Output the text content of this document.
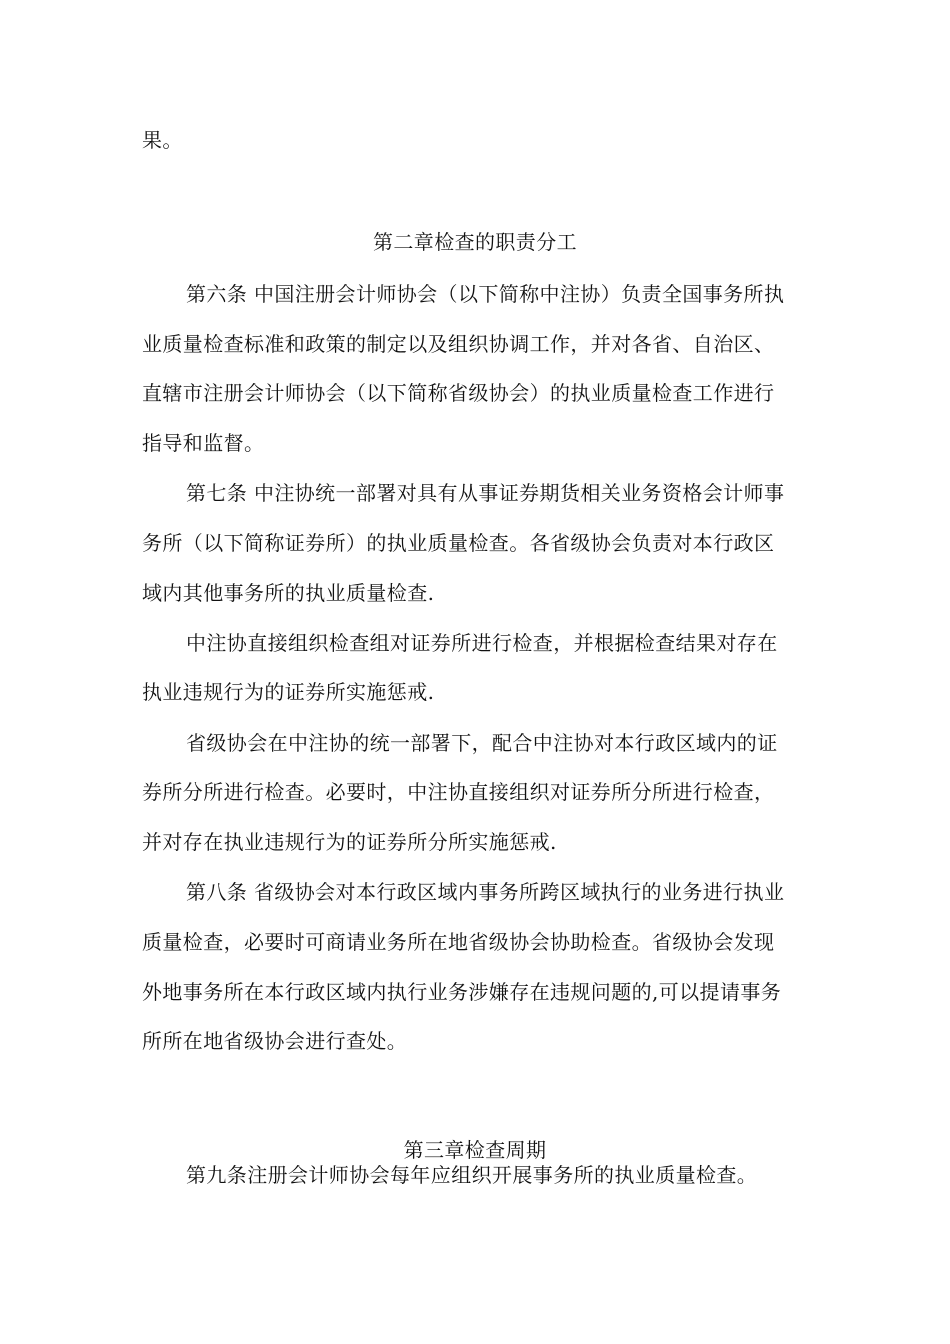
果。
第二章检查的职责分工
第六条 中国注册会计师协会（以下简称中注协）负责全国事务所执
业质量检查标准和政策的制定以及组织协调工作，并对各省、自治区、
直辖市注册会计师协会（以下简称省级协会）的执业质量检查工作进行
指导和监督。
第七条 中注协统一部署对具有从事证券期货相关业务资格会计师事
务所（以下简称证券所）的执业质量检查。各省级协会负责对本行政区
域内其他事务所的执业质量检查.
中注协直接组织检查组对证券所进行检查，并根据检查结果对存在
执业违规行为的证券所实施惩戒.
省级协会在中注协的统一部署下，配合中注协对本行政区域内的证
券所分所进行检查。必要时，中注协直接组织对证券所分所进行检查，
并对存在执业违规行为的证券所分所实施惩戒.
第八条 省级协会对本行政区域内事务所跨区域执行的业务进行执业
质量检查，必要时可商请业务所在地省级协会协助检查。省级协会发现
外地事务所在本行政区域内执行业务涉嫌存在违规问题的,可以提请事务
所所在地省级协会进行查处。
第三章检查周期
第九条注册会计师协会每年应组织开展事务所的执业质量检查。
